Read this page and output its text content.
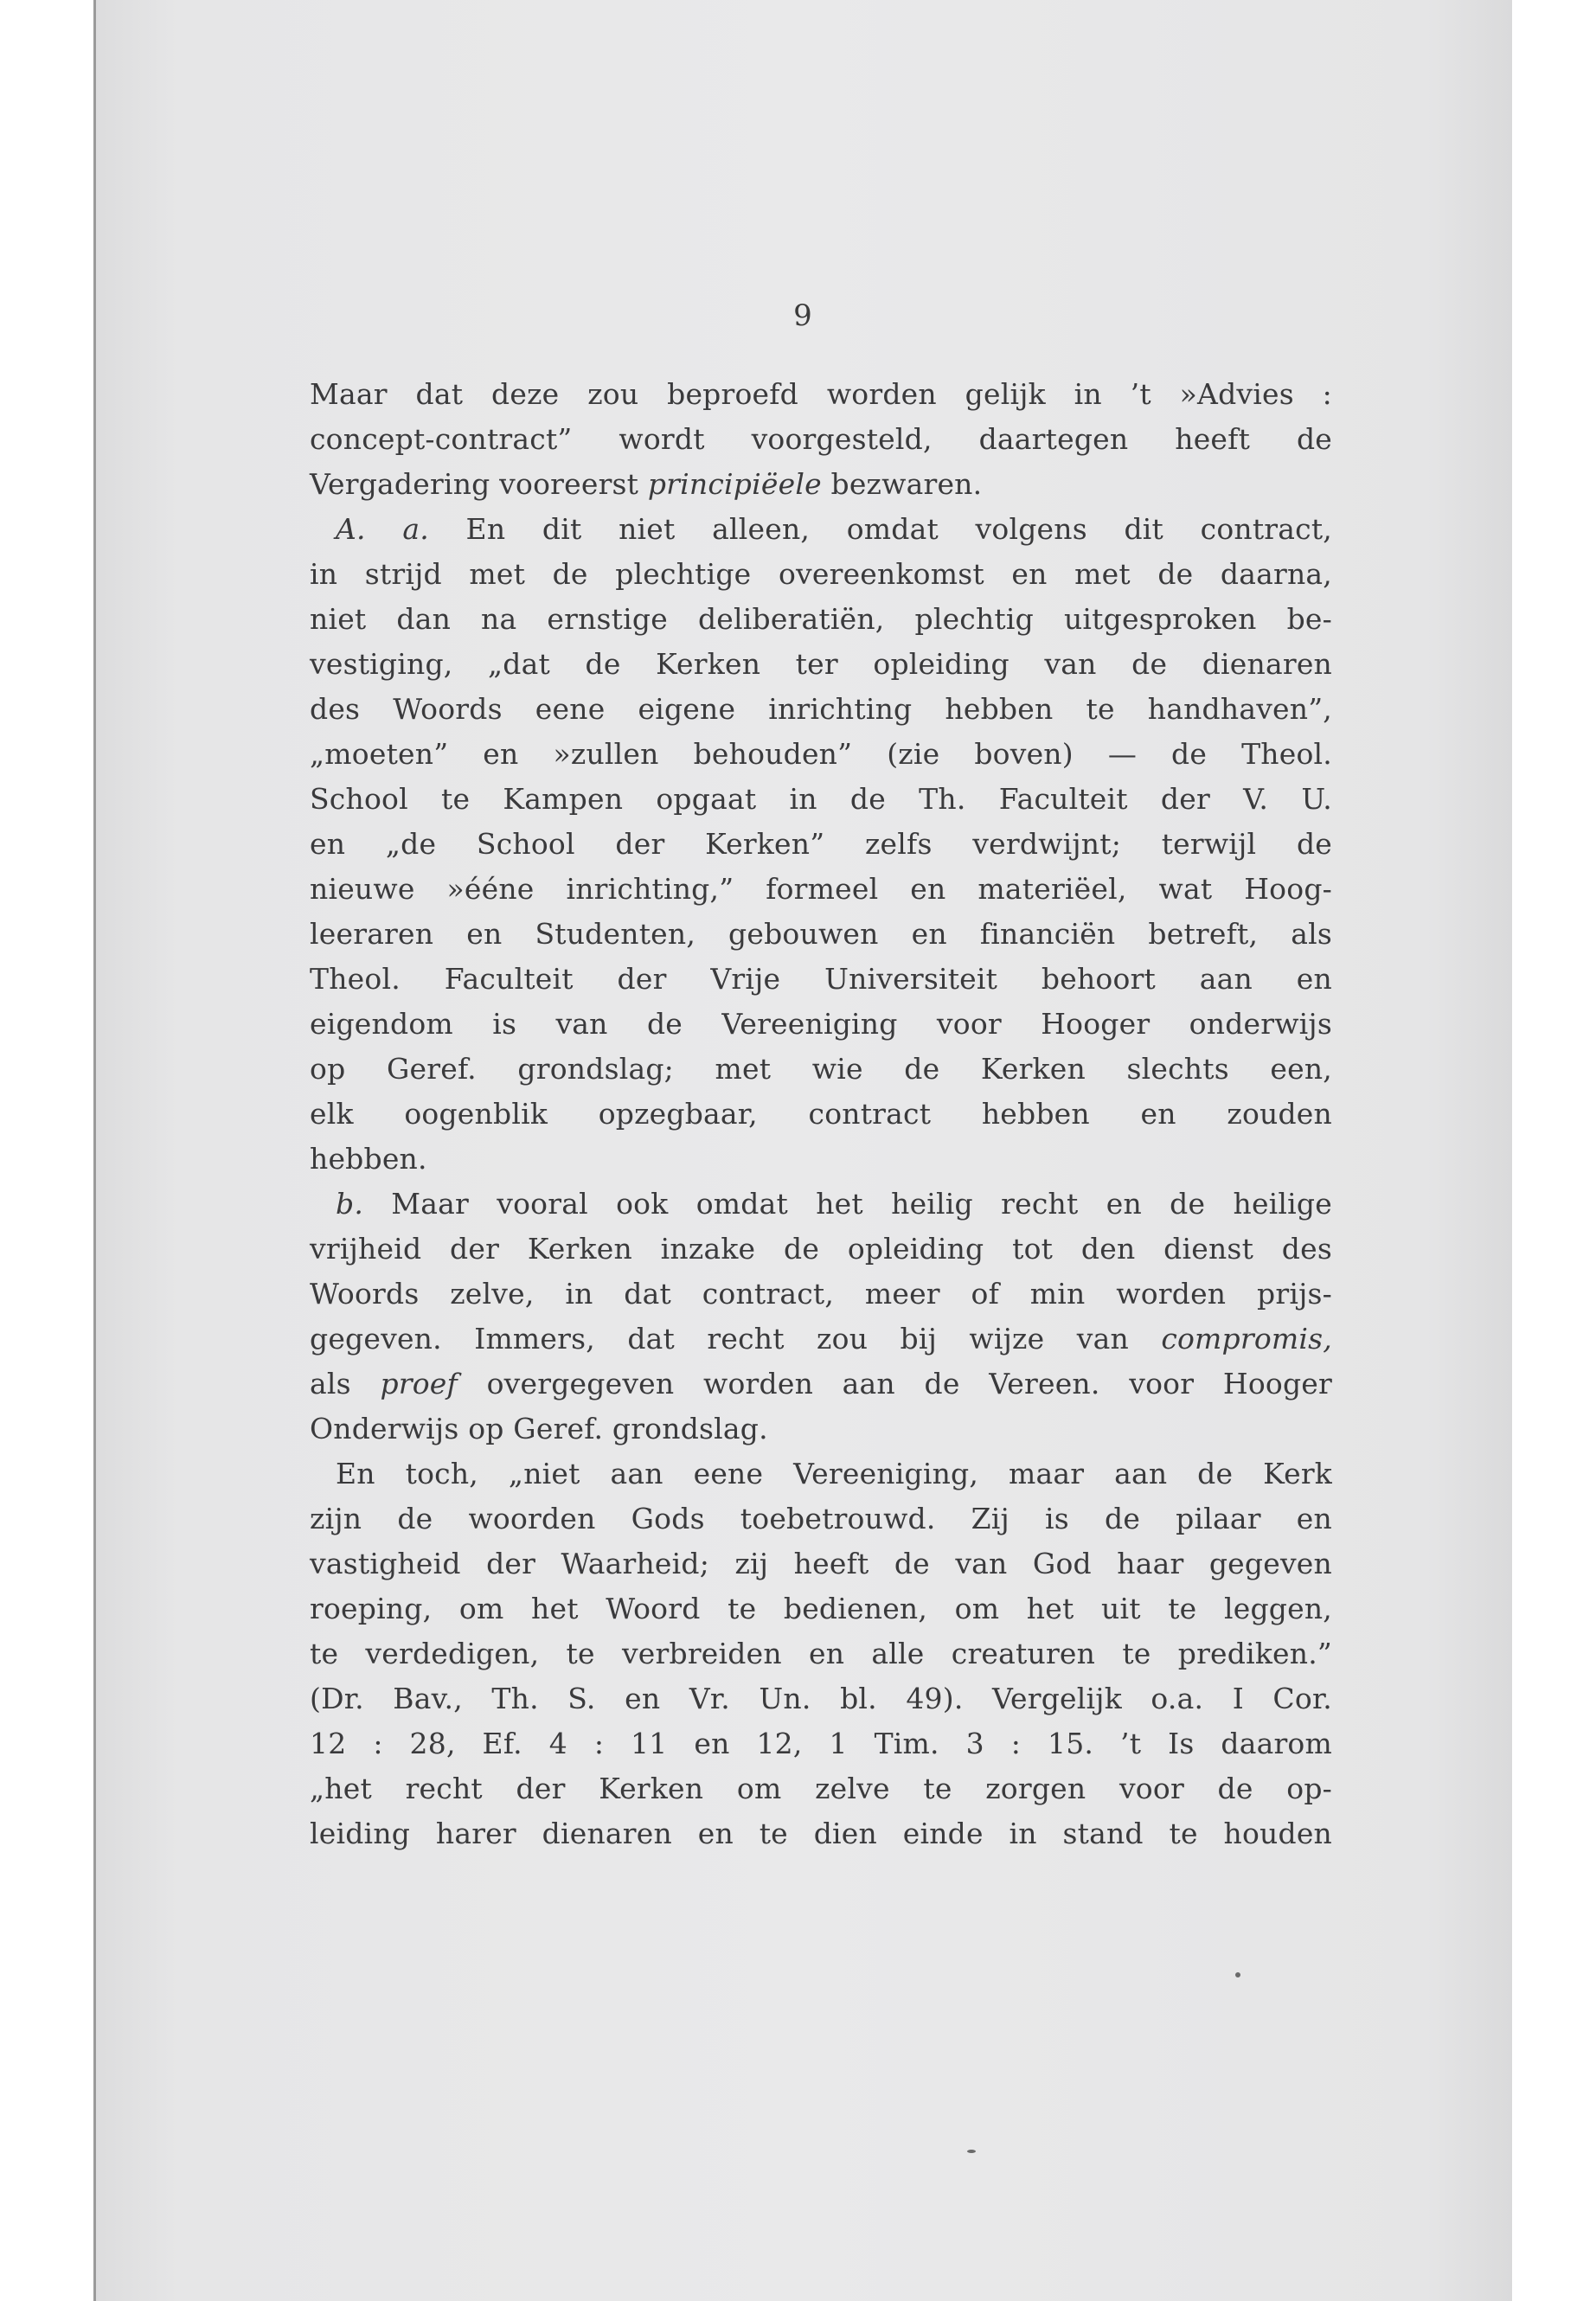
9
Maar dat deze zou beproefd worden gelijk in ’t »Advies :
concept-contract” wordt voorgesteld, daartegen heeft de
Vergadering vooreerst principiëele bezwaren.
A. a. En dit niet alleen, omdat volgens dit contract,
in strijd met de plechtige overeenkomst en met de daarna,
niet dan na ernstige deliberatiën, plechtig uitgesproken be-
vestiging, „dat de Kerken ter opleiding van de dienaren
des Woords eene eigene inrichting hebben te handhaven”,
„moeten” en »zullen behouden” (zie boven) — de Theol.
School te Kampen opgaat in de Th. Faculteit der V. U.
en „de School der Kerken” zelfs verdwijnt; terwijl de
nieuwe »ééne inrichting,” formeel en materiëel, wat Hoog-
leeraren en Studenten, gebouwen en financiën betreft, als
Theol. Faculteit der Vrije Universiteit behoort aan en
eigendom is van de Vereeniging voor Hooger onderwijs
op Geref. grondslag; met wie de Kerken slechts een,
elk oogenblik opzegbaar, contract hebben en zouden
hebben.
b. Maar vooral ook omdat het heilig recht en de heilige
vrijheid der Kerken inzake de opleiding tot den dienst des
Woords zelve, in dat contract, meer of min worden prijs-
gegeven. Immers, dat recht zou bij wijze van compromis,
als proef overgegeven worden aan de Vereen. voor Hooger
Onderwijs op Geref. grondslag.
En toch, „niet aan eene Vereeniging, maar aan de Kerk
zijn de woorden Gods toebetrouwd. Zij is de pilaar en
vastigheid der Waarheid; zij heeft de van God haar gegeven
roeping, om het Woord te bedienen, om het uit te leggen,
te verdedigen, te verbreiden en alle creaturen te prediken.”
(Dr. Bav., Th. S. en Vr. Un. bl. 49). Vergelijk o.a. I Cor.
12 : 28, Ef. 4 : 11 en 12, 1 Tim. 3 : 15. ’t Is daarom
„het recht der Kerken om zelve te zorgen voor de op-
leiding harer dienaren en te dien einde in stand te houden
